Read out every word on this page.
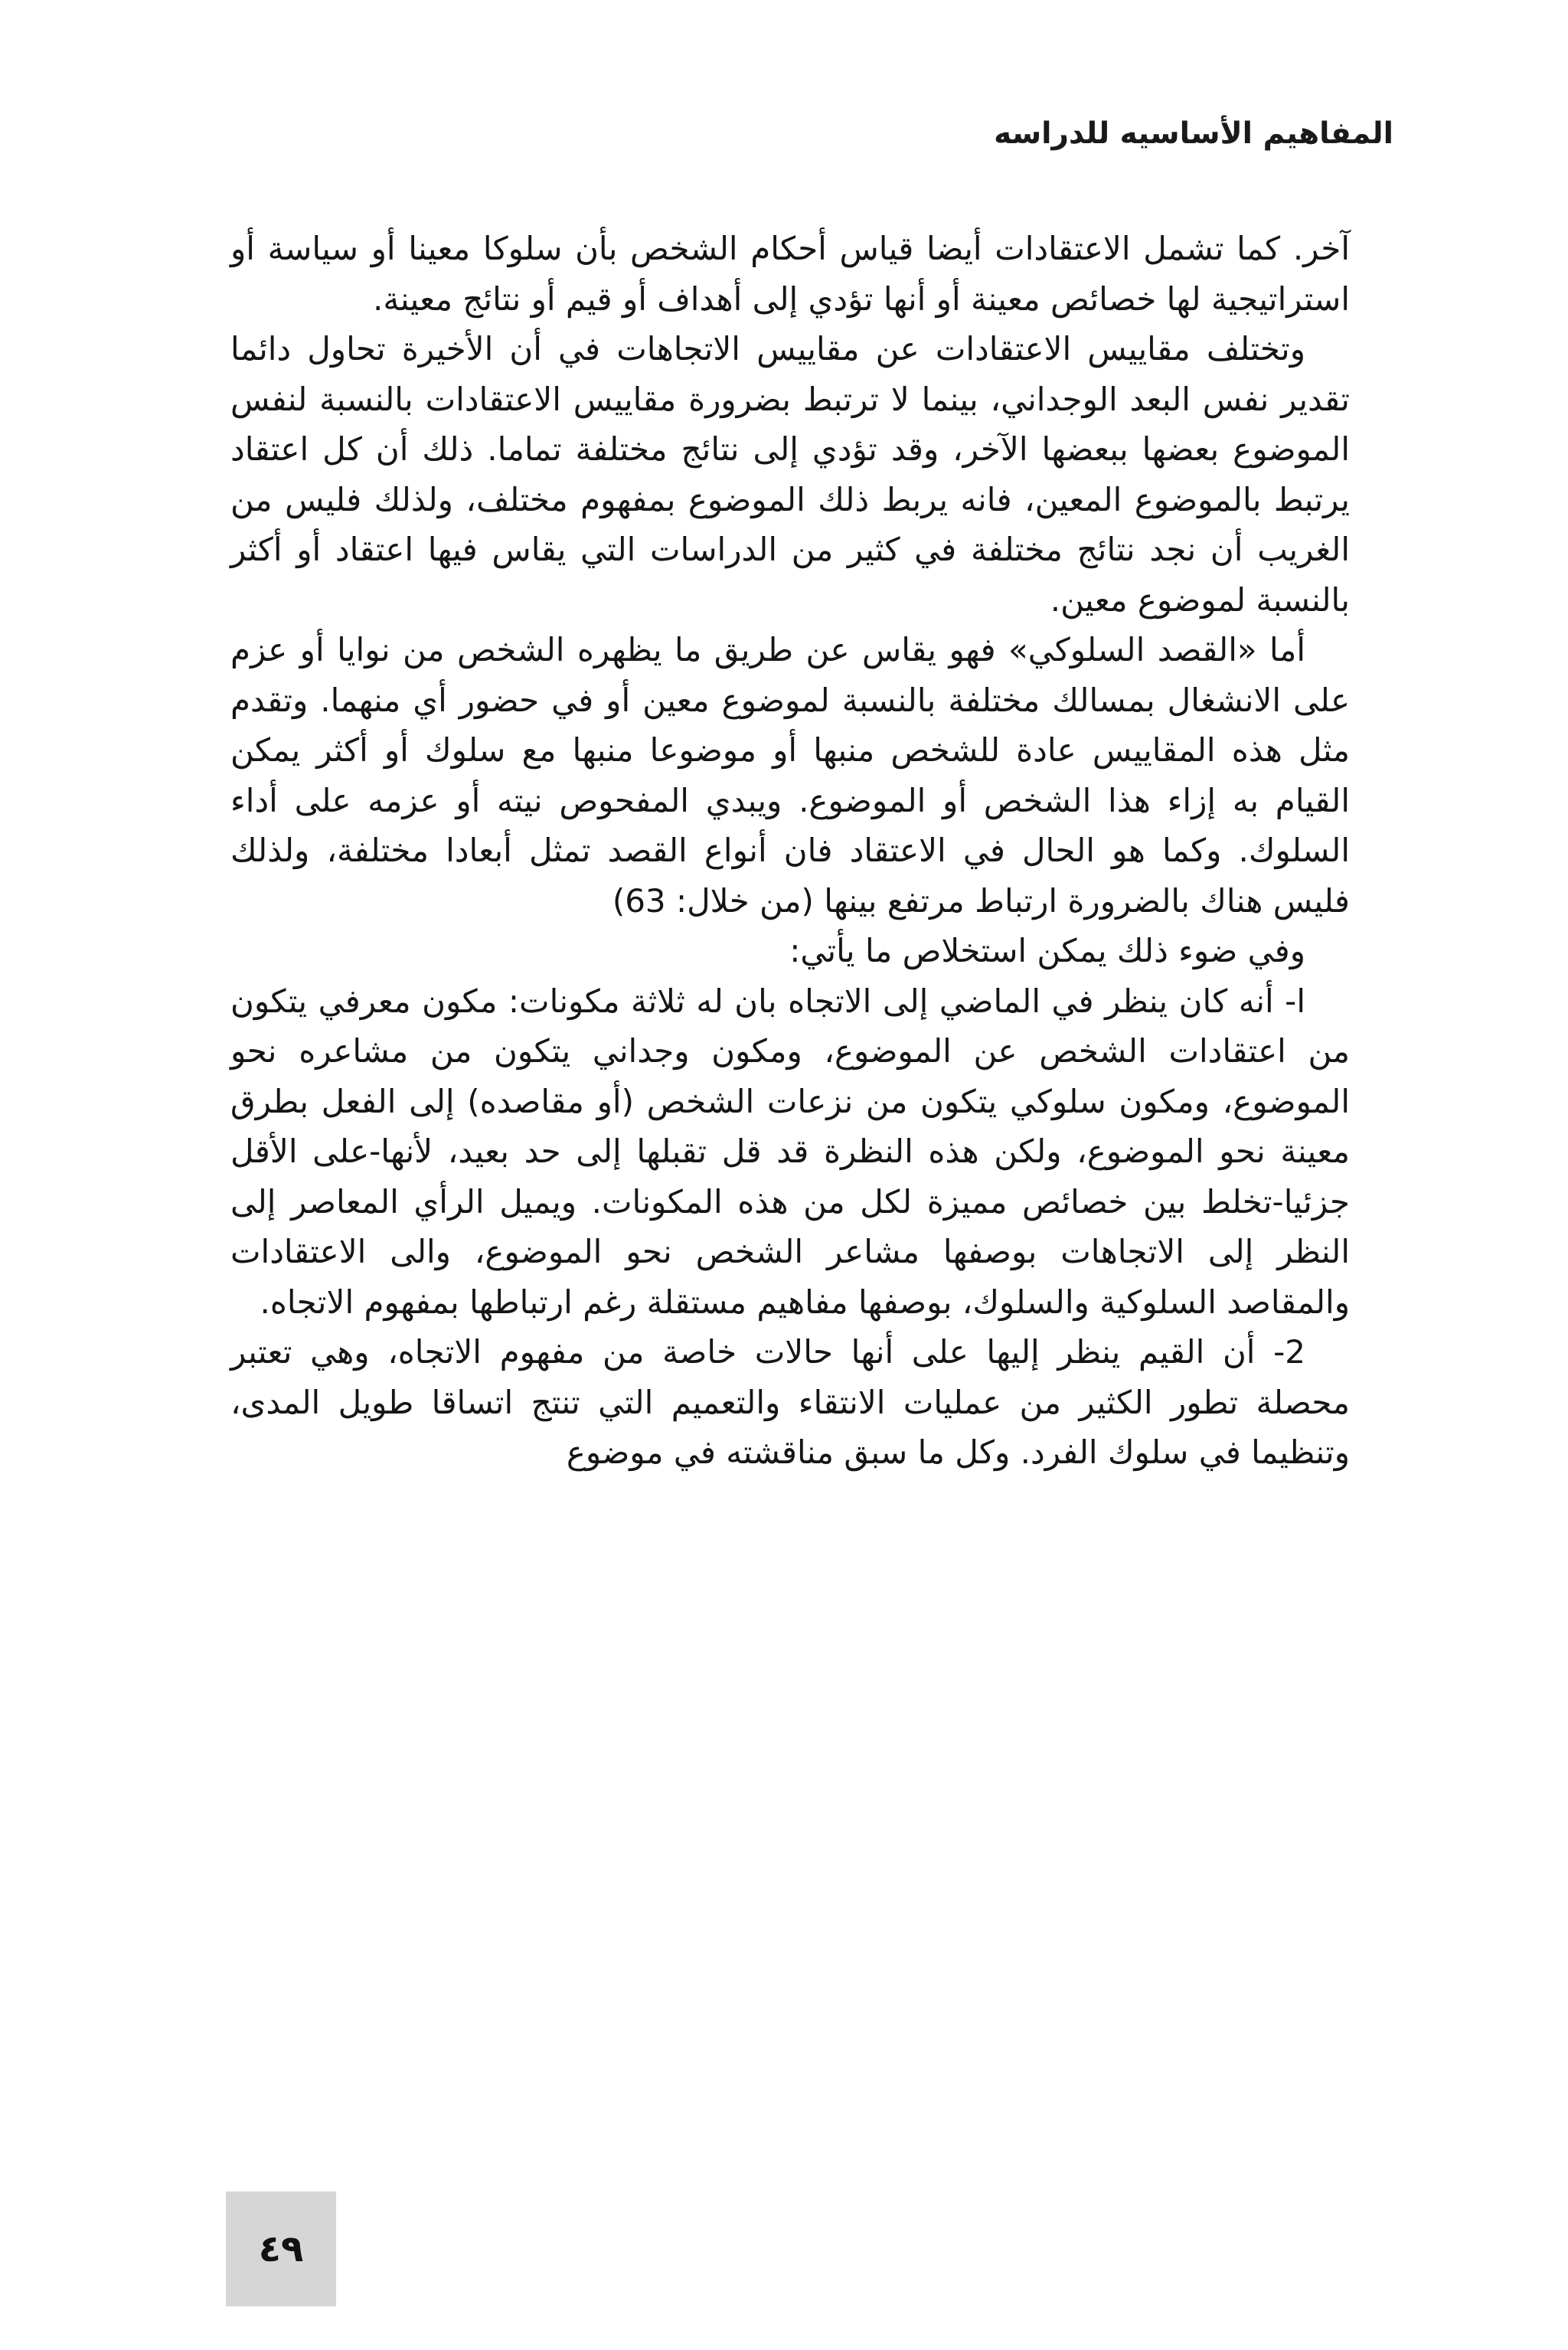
المفاهيم الأساسيه للدراسه

آخر. كما تشمل الاعتقادات أيضا قياس أحكام الشخص بأن سلوكا معينا أو سياسة أو استراتيجية لها خصائص معينة أو أنها تؤدي إلى أهداف أو قيم أو نتائج معينة.

وتختلف مقاييس الاعتقادات عن مقاييس الاتجاهات في أن الأخيرة تحاول دائما تقدير نفس البعد الوجداني، بينما لا ترتبط بضرورة مقاييس الاعتقادات بالنسبة لنفس الموضوع بعضها ببعضها الآخر، وقد تؤدي إلى نتائج مختلفة تماما. ذلك أن كل اعتقاد يرتبط بالموضوع المعين، فانه يربط ذلك الموضوع بمفهوم مختلف، ولذلك فليس من الغريب أن نجد نتائج مختلفة في كثير من الدراسات التي يقاس فيها اعتقاد أو أكثر بالنسبة لموضوع معين.

أما «القصد السلوكي» فهو يقاس عن طريق ما يظهره الشخص من نوايا أو عزم على الانشغال بمسالك مختلفة بالنسبة لموضوع معين أو في حضور أي منهما. وتقدم مثل هذه المقاييس عادة للشخص منبها أو موضوعا منبها مع سلوك أو أكثر يمكن القيام به إزاء هذا الشخص أو الموضوع. ويبدي المفحوص نيته أو عزمه على أداء السلوك. وكما هو الحال في الاعتقاد فان أنواع القصد تمثل أبعادا مختلفة، ولذلك فليس هناك بالضرورة ارتباط مرتفع بينها (من خلال: 63)

وفي ضوء ذلك يمكن استخلاص ما يأتي:

ا- أنه كان ينظر في الماضي إلى الاتجاه بان له ثلاثة مكونات: مكون معرفي يتكون من اعتقادات الشخص عن الموضوع، ومكون وجداني يتكون من مشاعره نحو الموضوع، ومكون سلوكي يتكون من نزعات الشخص (أو مقاصده) إلى الفعل بطرق معينة نحو الموضوع، ولكن هذه النظرة قد قل تقبلها إلى حد بعيد، لأنها-على الأقل جزئيا-تخلط بين خصائص مميزة لكل من هذه المكونات. ويميل الرأي المعاصر إلى النظر إلى الاتجاهات بوصفها مشاعر الشخص نحو الموضوع، والى الاعتقادات والمقاصد السلوكية والسلوك، بوصفها مفاهيم مستقلة رغم ارتباطها بمفهوم الاتجاه.

2- أن القيم ينظر إليها على أنها حالات خاصة من مفهوم الاتجاه، وهي تعتبر محصلة تطور الكثير من عمليات الانتقاء والتعميم التي تنتج اتساقا طويل المدى، وتنظيما في سلوك الفرد. وكل ما سبق مناقشته في موضوع

٤٩
